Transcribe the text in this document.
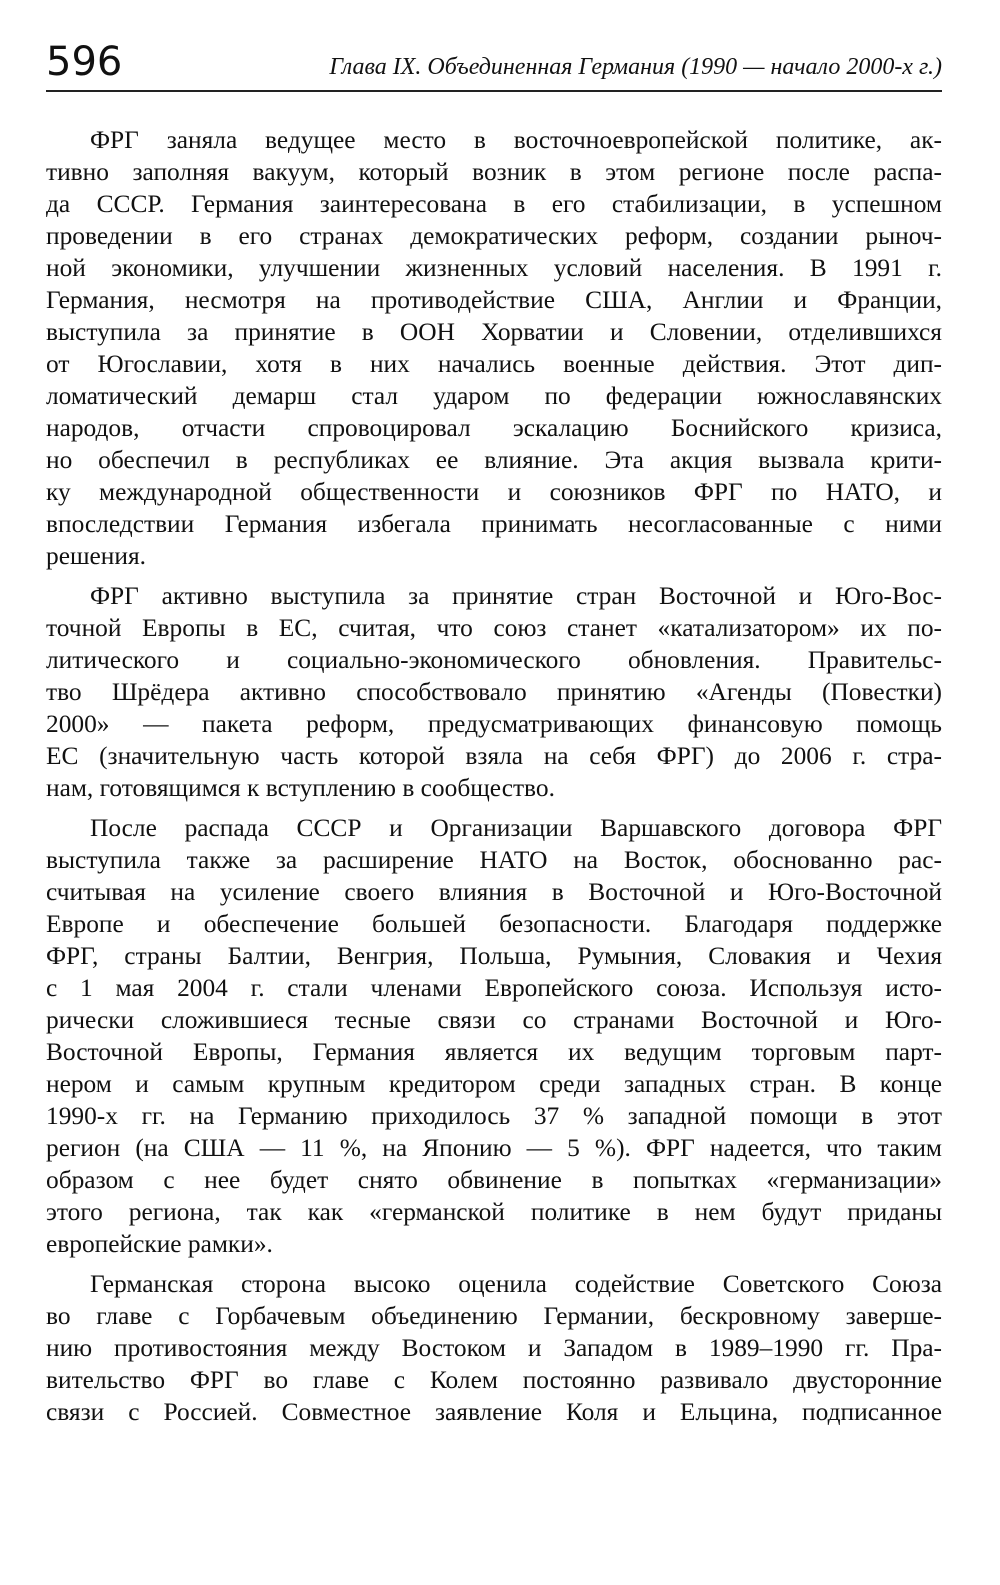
596	Глава IX. Объединенная Германия (1990 — начало 2000-х г.)
ФРГ заняла ведущее место в восточноевропейской политике, ак-
тивно заполняя вакуум, который возник в этом регионе после распа-
да СССР. Германия заинтересована в его стабилизации, в успешном
проведении в его странах демократических реформ, создании рыноч-
ной экономики, улучшении жизненных условий населения. В 1991 г.
Германия, несмотря на противодействие США, Англии и Франции,
выступила за принятие в ООН Хорватии и Словении, отделившихся
от Югославии, хотя в них начались военные действия. Этот дип-
ломатический демарш стал ударом по федерации южнославянских
народов, отчасти спровоцировал эскалацию Боснийского кризиса,
но обеспечил в республиках ее влияние. Эта акция вызвала крити-
ку международной общественности и союзников ФРГ по НАТО, и
впоследствии Германия избегала принимать несогласованные с ними
решения.
ФРГ активно выступила за принятие стран Восточной и Юго-Вос-
точной Европы в ЕС, считая, что союз станет «катализатором» их по-
литического и социально-экономического обновления. Правительс-
тво Шрёдера активно способствовало принятию «Агенды (Повестки)
2000» — пакета реформ, предусматривающих финансовую помощь
ЕС (значительную часть которой взяла на себя ФРГ) до 2006 г. стра-
нам, готовящимся к вступлению в сообщество.
После распада СССР и Организации Варшавского договора ФРГ
выступила также за расширение НАТО на Восток, обоснованно рас-
считывая на усиление своего влияния в Восточной и Юго-Восточной
Европе и обеспечение большей безопасности. Благодаря поддержке
ФРГ, страны Балтии, Венгрия, Польша, Румыния, Словакия и Чехия
с 1 мая 2004 г. стали членами Европейского союза. Используя исто-
рически сложившиеся тесные связи со странами Восточной и Юго-
Восточной Европы, Германия является их ведущим торговым парт-
нером и самым крупным кредитором среди западных стран. В конце
1990-х гг. на Германию приходилось 37 % западной помощи в этот
регион (на США — 11 %, на Японию — 5 %). ФРГ надеется, что таким
образом с нее будет снято обвинение в попытках «германизации»
этого региона, так как «германской политике в нем будут приданы
европейские рамки».
Германская сторона высоко оценила содействие Советского Союза
во главе с Горбачевым объединению Германии, бескровному заверше-
нию противостояния между Востоком и Западом в 1989–1990 гг. Пра-
вительство ФРГ во главе с Колем постоянно развивало двусторонние
связи с Россией. Совместное заявление Коля и Ельцина, подписанное
